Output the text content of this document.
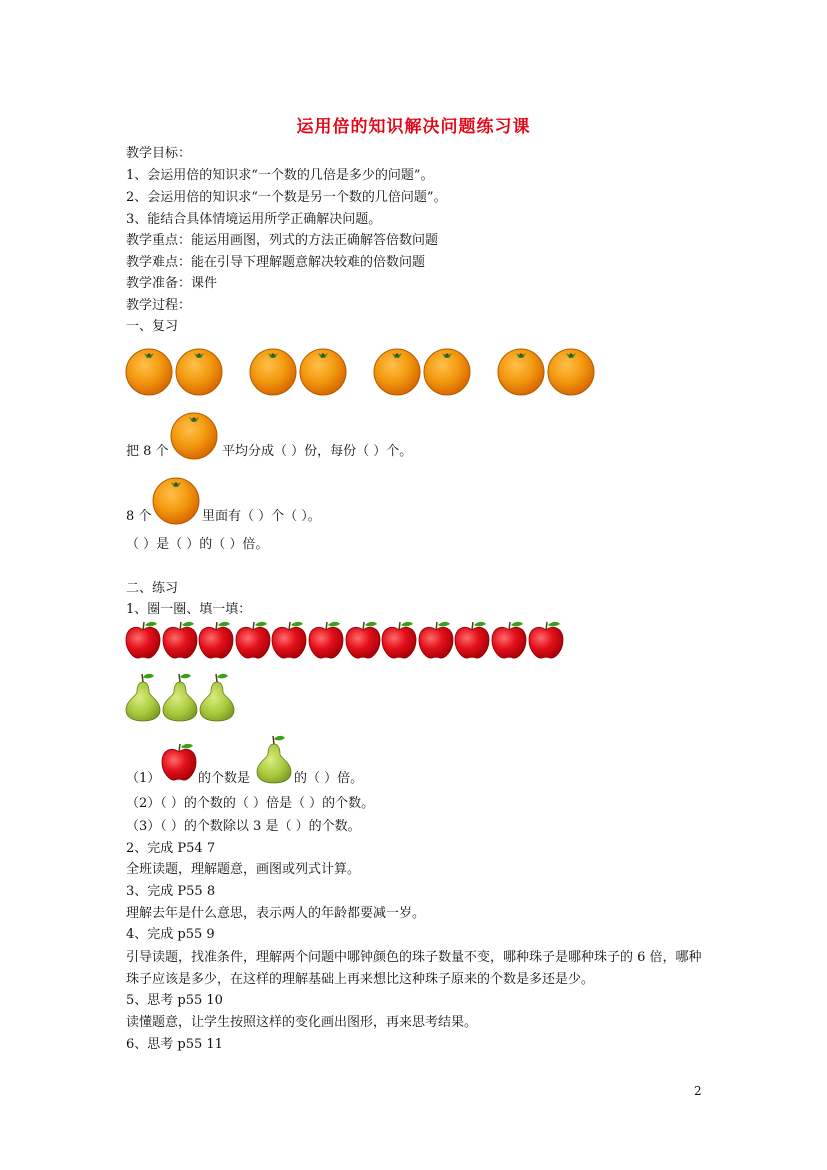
运用倍的知识解决问题练习课
教学目标：
1、会运用倍的知识求“一个数的几倍是多少的问题”。
2、会运用倍的知识求“一个数是另一个数的几倍问题”。
3、能结合具体情境运用所学正确解决问题。
教学重点：能运用画图，列式的方法正确解答倍数问题
教学难点：能在引导下理解题意解决较难的倍数问题
教学准备：课件
教学过程：
一、复习
把 8 个	平均分成（ ）份，每份（ ）个。
8 个	里面有（ ）个（ ）。
（ ）是（ ）的（ ）倍。
二、练习
1、圈一圈、填一填：
（1）	的个数是	的（ ）倍。
（2）（ ）的个数的（ ）倍是（ ）的个数。
（3）（ ）的个数除以 3 是（ ）的个数。
2、完成 P54 7
全班读题，理解题意，画图或列式计算。
3、完成 P55 8
理解去年是什么意思，表示两人的年龄都要减一岁。
4、完成 p55 9
引导读题，找准条件，理解两个问题中哪钟颜色的珠子数量不变，哪种珠子是哪种珠子的 6 倍，哪种珠子应该是多少，在这样的理解基础上再来想比这种珠子原来的个数是多还是少。
5、思考 p55 10
读懂题意，让学生按照这样的变化画出图形，再来思考结果。
6、思考 p55 11
2
